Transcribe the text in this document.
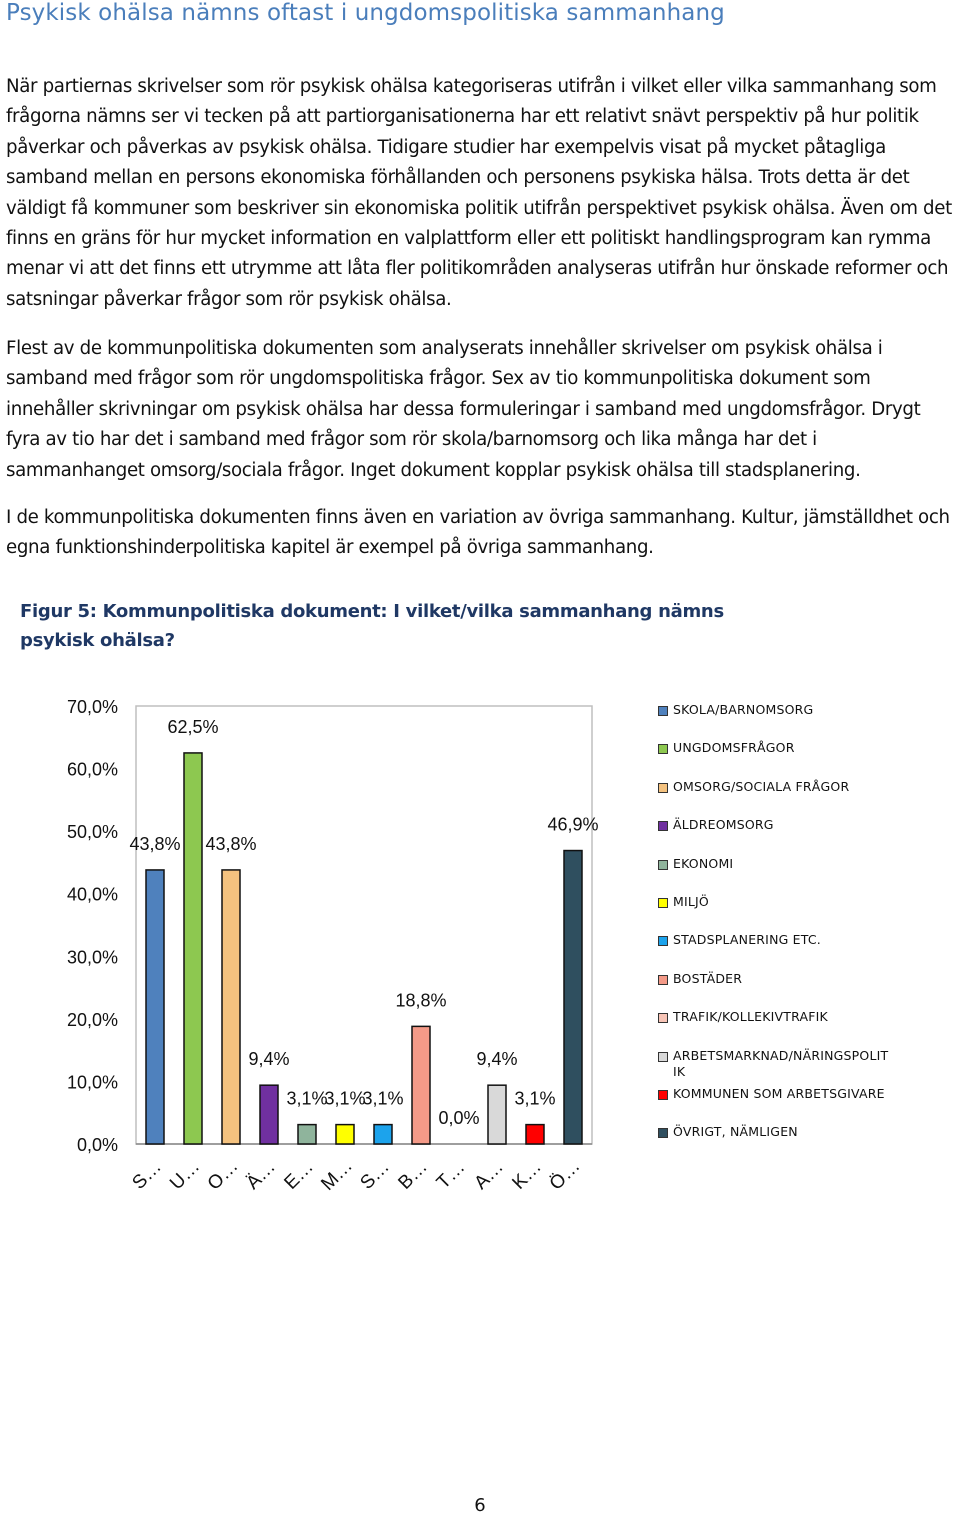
Psykisk ohälsa nämns oftast i ungdomspolitiska sammanhang

När partiernas skrivelser som rör psykisk ohälsa kategoriseras utifrån i vilket eller vilka sammanhang som frågorna nämns ser vi tecken på att partiorganisationerna har ett relativt snävt perspektiv på hur politik påverkar och påverkas av psykisk ohälsa. Tidigare studier har exempelvis visat på mycket påtagliga samband mellan en persons ekonomiska förhållanden och personens psykiska hälsa. Trots detta är det väldigt få kommuner som beskriver sin ekonomiska politik utifrån perspektivet psykisk ohälsa. Även om det finns en gräns för hur mycket information en valplattform eller ett politiskt handlingsprogram kan rymma menar vi att det finns ett utrymme att låta fler politikområden analyseras utifrån hur önskade reformer och satsningar påverkar frågor som rör psykisk ohälsa.

Flest av de kommunpolitiska dokumenten som analyserats innehåller skrivelser om psykisk ohälsa i samband med frågor som rör ungdomspolitiska frågor. Sex av tio kommunpolitiska dokument som innehåller skrivningar om psykisk ohälsa har dessa formuleringar i samband med ungdomsfrågor. Drygt fyra av tio har det i samband med frågor som rör skola/barnomsorg och lika många har det i sammanhanget omsorg/sociala frågor. Inget dokument kopplar psykisk ohälsa till stadsplanering.

I de kommunpolitiska dokumenten finns även en variation av övriga sammanhang. Kultur, jämställdhet och egna funktionshinderpolitiska kapitel är exempel på övriga sammanhang.

Figur 5: Kommunpolitiska dokument: I vilket/vilka sammanhang nämns psykisk ohälsa?

0,0%
10,0%
20,0%
30,0%
40,0%
50,0%
60,0%
70,0%
43,8%
62,5%
43,8%
9,4%
3,1%
3,1%
3,1%
18,8%
0,0%
9,4%
3,1%
46,9%
S… U… O… Ä… E… M… S… B… T… A… K… Ö…
SKOLA/BARNOMSORG
UNGDOMSFRÅGOR
OMSORG/SOCIALA FRÅGOR
ÄLDREOMSORG
EKONOMI
MILJÖ
STADSPLANERING ETC.
BOSTÄDER
TRAFIK/KOLLEKIVTRAFIK
ARBETSMARKNAD/NÄRINGSPOLIT IK
KOMMUNEN SOM ARBETSGIVARE
ÖVRIGT, NÄMLIGEN
6
